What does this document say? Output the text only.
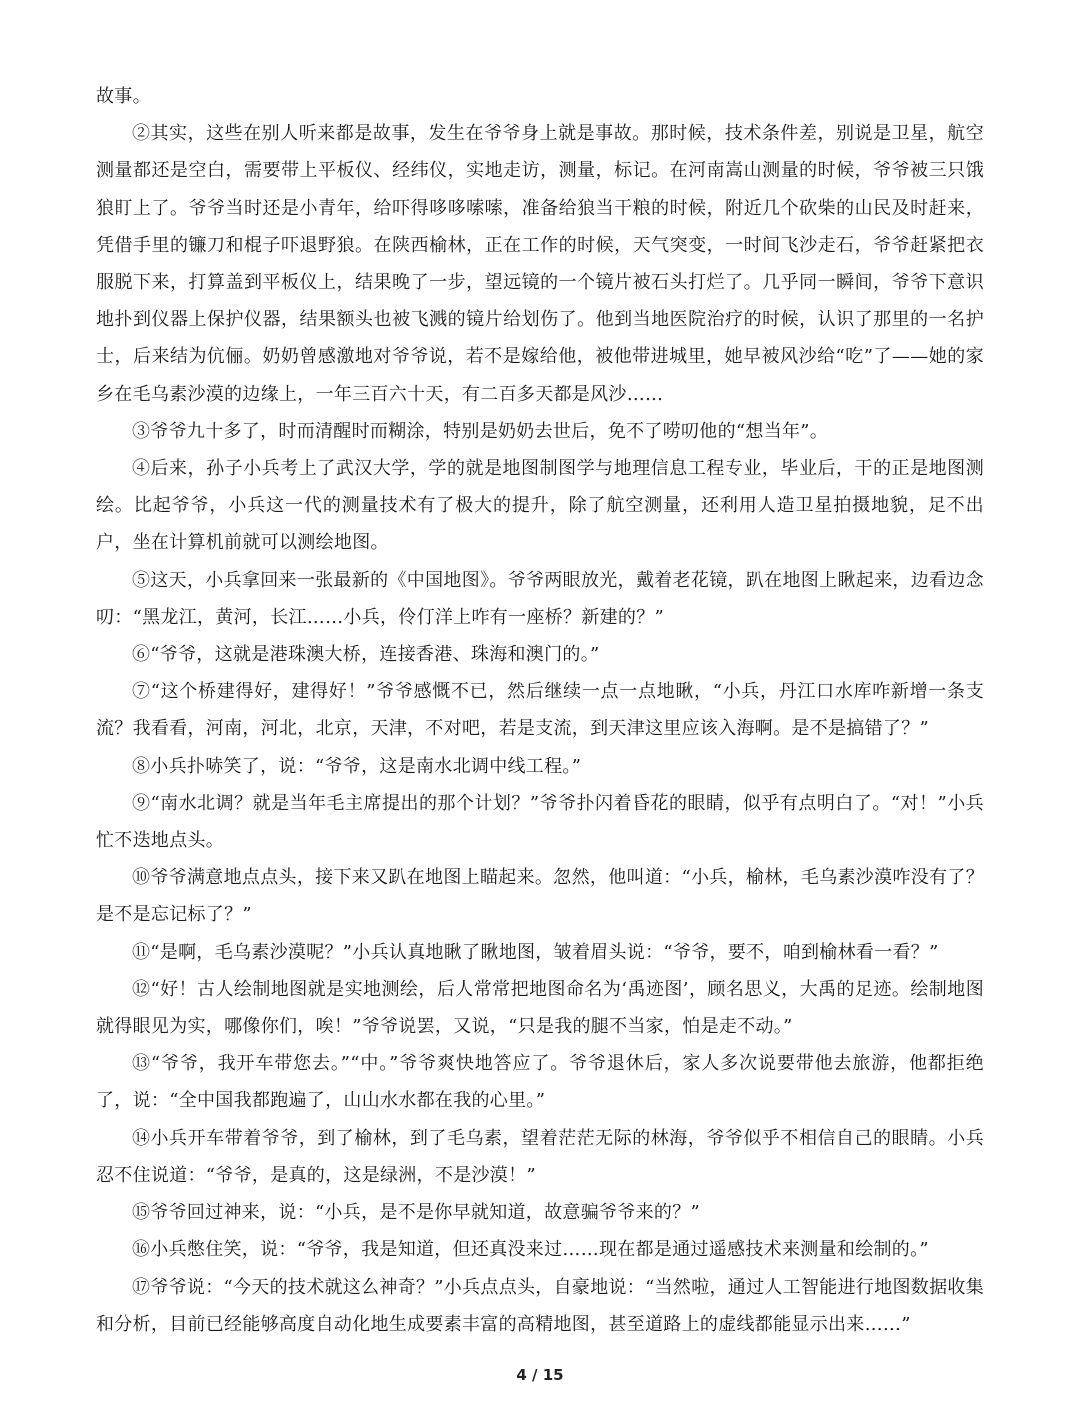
故事。

②其实，这些在别人听来都是故事，发生在爷爷身上就是事故。那时候，技术条件差，别说是卫星，航空测量都还是空白，需要带上平板仪、经纬仪，实地走访，测量，标记。在河南嵩山测量的时候，爷爷被三只饿狼盯上了。爷爷当时还是小青年，给吓得哆哆嗦嗦，准备给狼当干粮的时候，附近几个砍柴的山民及时赶来，凭借手里的镰刀和棍子吓退野狼。在陕西榆林，正在工作的时候，天气突变，一时间飞沙走石，爷爷赶紧把衣服脱下来，打算盖到平板仪上，结果晚了一步，望远镜的一个镜片被石头打烂了。几乎同一瞬间，爷爷下意识地扑到仪器上保护仪器，结果额头也被飞溅的镜片给划伤了。他到当地医院治疗的时候，认识了那里的一名护士，后来结为伉俪。奶奶曾感激地对爷爷说，若不是嫁给他，被他带进城里，她早被风沙给“吃”了——她的家乡在毛乌素沙漠的边缘上，一年三百六十天，有二百多天都是风沙……

③爷爷九十多了，时而清醒时而糊涂，特别是奶奶去世后，免不了唠叨他的“想当年”。

④后来，孙子小兵考上了武汉大学，学的就是地图制图学与地理信息工程专业，毕业后，干的正是地图测绘。比起爷爷，小兵这一代的测量技术有了极大的提升，除了航空测量，还利用人造卫星拍摄地貌，足不出户，坐在计算机前就可以测绘地图。

⑤这天，小兵拿回来一张最新的《中国地图》。爷爷两眼放光，戴着老花镜，趴在地图上瞅起来，边看边念叨：“黑龙江，黄河，长江……小兵，伶仃洋上咋有一座桥？新建的？”

⑥“爷爷，这就是港珠澳大桥，连接香港、珠海和澳门的。”

⑦“这个桥建得好，建得好！”爷爷感慨不已，然后继续一点一点地瞅，“小兵，丹江口水库咋新增一条支流？我看看，河南，河北，北京，天津，不对吧，若是支流，到天津这里应该入海啊。是不是搞错了？”

⑧小兵扑哧笑了，说：“爷爷，这是南水北调中线工程。”

⑨“南水北调？就是当年毛主席提出的那个计划？”爷爷扑闪着昏花的眼睛，似乎有点明白了。“对！”小兵忙不迭地点头。

⑩爷爷满意地点点头，接下来又趴在地图上瞄起来。忽然，他叫道：“小兵，榆林，毛乌素沙漠咋没有了？是不是忘记标了？”

⑪“是啊，毛乌素沙漠呢？”小兵认真地瞅了瞅地图，皱着眉头说：“爷爷，要不，咱到榆林看一看？”

⑫“好！古人绘制地图就是实地测绘，后人常常把地图命名为‘禹迹图’，顾名思义，大禹的足迹。绘制地图就得眼见为实，哪像你们，唉！”爷爷说罢，又说，“只是我的腿不当家，怕是走不动。”

⑬“爷爷，我开车带您去。”“中。”爷爷爽快地答应了。爷爷退休后，家人多次说要带他去旅游，他都拒绝了，说：“全中国我都跑遍了，山山水水都在我的心里。”

⑭小兵开车带着爷爷，到了榆林，到了毛乌素，望着茫茫无际的林海，爷爷似乎不相信自己的眼睛。小兵忍不住说道：“爷爷，是真的，这是绿洲，不是沙漠！”

⑮爷爷回过神来，说：“小兵，是不是你早就知道，故意骗爷爷来的？”

⑯小兵憋住笑，说：“爷爷，我是知道，但还真没来过……现在都是通过遥感技术来测量和绘制的。”

⑰爷爷说：“今天的技术就这么神奇？”小兵点点头，自豪地说：“当然啦，通过人工智能进行地图数据收集和分析，目前已经能够高度自动化地生成要素丰富的高精地图，甚至道路上的虚线都能显示出来……”

4 / 15
